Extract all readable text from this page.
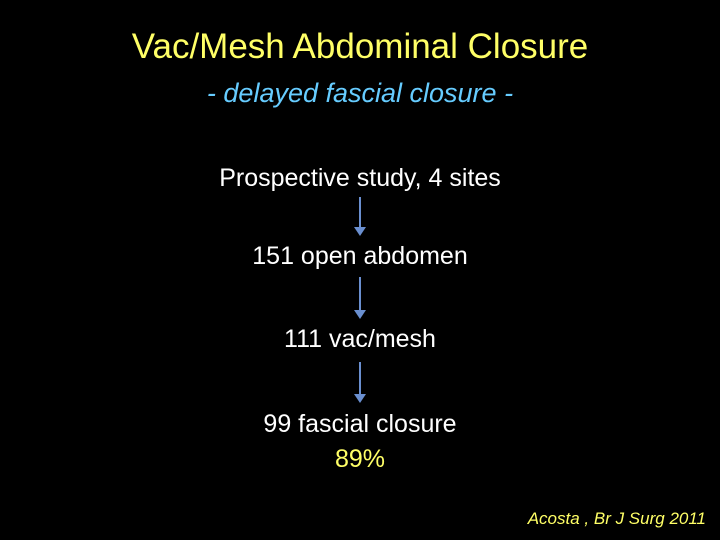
Vac/Mesh Abdominal Closure
- delayed fascial closure -
Prospective study, 4 sites
151 open abdomen
111 vac/mesh
99 fascial closure
89%
Acosta , Br J Surg 2011
